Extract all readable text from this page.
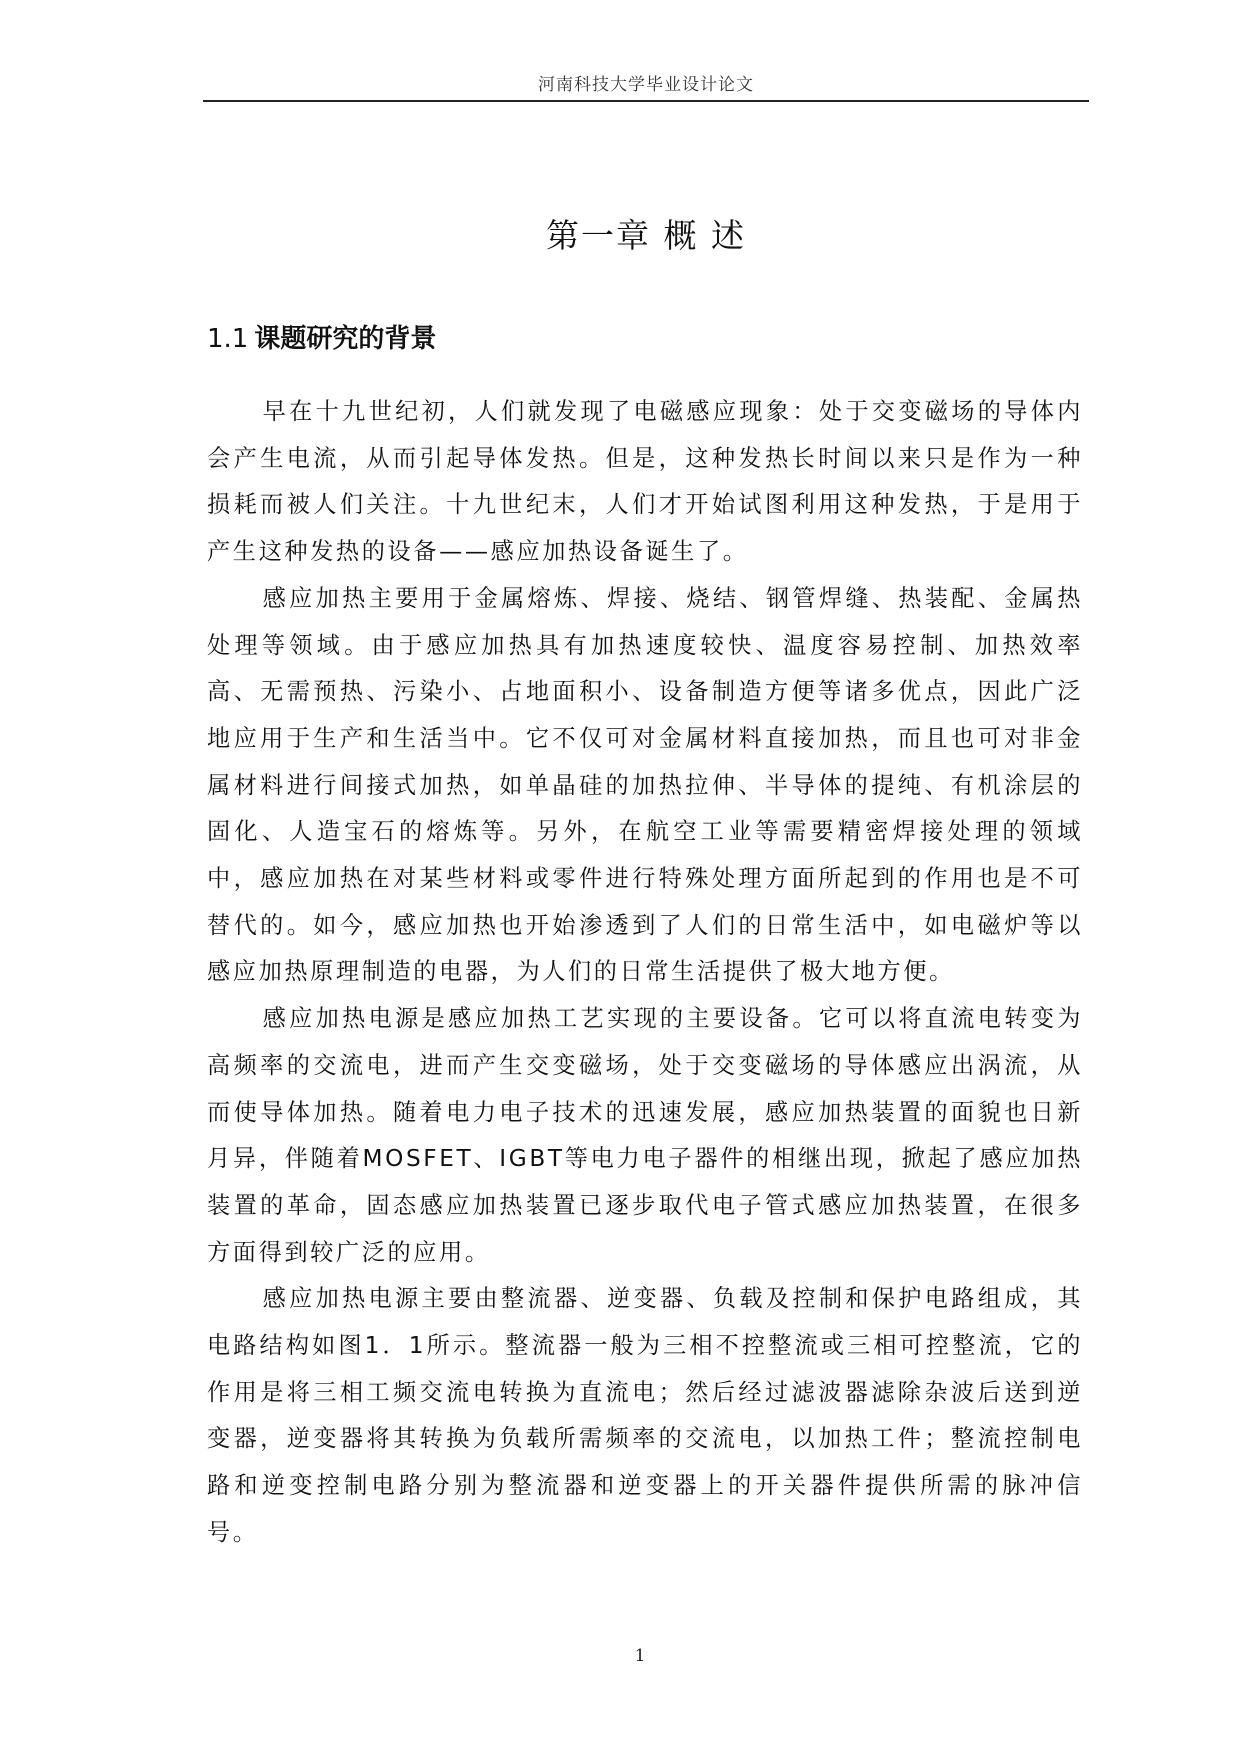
河南科技大学毕业设计论文
第一章 概 述
1.1 课题研究的背景

早在十九世纪初，人们就发现了电磁感应现象：处于交变磁场的导体内会产生电流，从而引起导体发热。但是，这种发热长时间以来只是作为一种损耗而被人们关注。十九世纪末，人们才开始试图利用这种发热，于是用于产生这种发热的设备——感应加热设备诞生了。

感应加热主要用于金属熔炼、焊接、烧结、钢管焊缝、热装配、金属热处理等领域。由于感应加热具有加热速度较快、温度容易控制、加热效率高、无需预热、污染小、占地面积小、设备制造方便等诸多优点，因此广泛地应用于生产和生活当中。它不仅可对金属材料直接加热，而且也可对非金属材料进行间接式加热，如单晶硅的加热拉伸、半导体的提纯、有机涂层的固化、人造宝石的熔炼等。另外，在航空工业等需要精密焊接处理的领域中，感应加热在对某些材料或零件进行特殊处理方面所起到的作用也是不可替代的。如今，感应加热也开始渗透到了人们的日常生活中，如电磁炉等以感应加热原理制造的电器，为人们的日常生活提供了极大地方便。

感应加热电源是感应加热工艺实现的主要设备。它可以将直流电转变为高频率的交流电，进而产生交变磁场，处于交变磁场的导体感应出涡流，从而使导体加热。随着电力电子技术的迅速发展，感应加热装置的面貌也日新月异，伴随着MOSFET、IGBT等电力电子器件的相继出现，掀起了感应加热装置的革命，固态感应加热装置已逐步取代电子管式感应加热装置，在很多方面得到较广泛的应用。

感应加热电源主要由整流器、逆变器、负载及控制和保护电路组成，其电路结构如图1．1所示。整流器一般为三相不控整流或三相可控整流，它的作用是将三相工频交流电转换为直流电；然后经过滤波器滤除杂波后送到逆变器，逆变器将其转换为负载所需频率的交流电，以加热工件；整流控制电路和逆变控制电路分别为整流器和逆变器上的开关器件提供所需的脉冲信号。

1
